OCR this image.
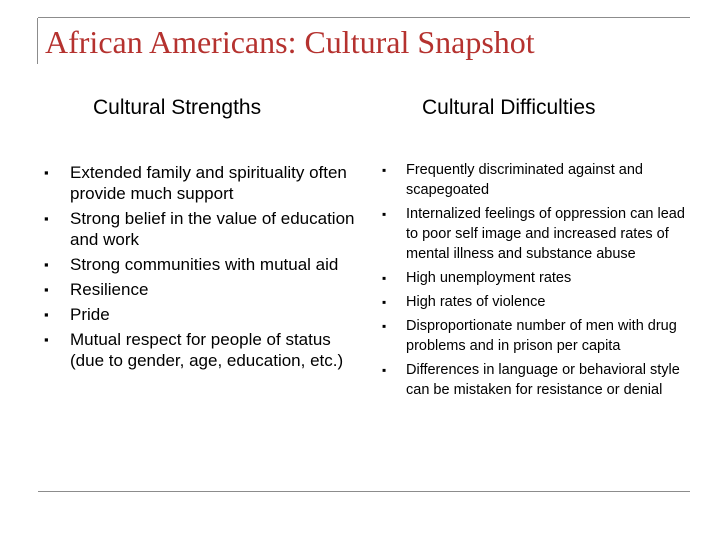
African Americans: Cultural Snapshot
Cultural Strengths	Cultural Difficulties
▪ Extended family and spirituality often provide much support
▪ Strong belief in the value of education and work
▪ Strong communities with mutual aid
▪ Resilience
▪ Pride
▪ Mutual respect for people of status (due to gender, age, education, etc.)
▪ Frequently discriminated against and scapegoated
▪ Internalized feelings of oppression can lead to poor self image and increased rates of mental illness and substance abuse
▪ High unemployment rates
▪ High rates of violence
▪ Disproportionate number of men with drug problems and in prison per capita
▪ Differences in language or behavioral style can be mistaken for resistance or denial
